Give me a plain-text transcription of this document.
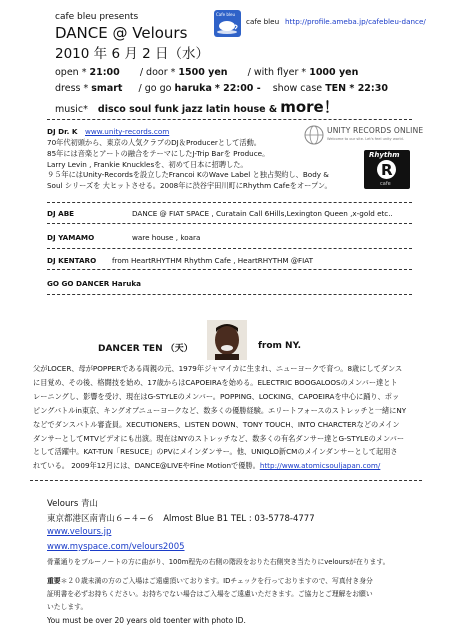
cafe bleu presents	Cafe bleu
cafe bleu http://profile.ameba.jp/cafebleu-dance/
DANCE @ Velours
2010 年 6 月 2 日（水）
open * 21:00 / door * 1500 yen / with flyer * 1000 yen
dress * smart / go go haruka * 22:00 - show case TEN * 22:30
music* disco soul funk jazz latin house & more！
DJ Dr. K www.unity-records.com
70年代初頭から、東京の人気クラブのDJ＆Producerとして活動。
85年には音楽とアートの融合をテーマにしたJ-Trip Barを Produce。
Larry Levin , Frankie Knucklesを、初めて日本に招聘した。
９５年にはUnity-Recordsを設立したFrancoi KのWave Label と独占契約し、Body &
Soul シリーズを 大ヒットさせる。2008年に渋谷宇田川町にRhythm Cafeをオープン。
UNITY RECORDS ONLINE
Welcome to our site. Let's feel unity world.
Rhythm
R
cafe
DJ ABE	DANCE @ FIAT SPACE , Curatain Call 6Hills,Lexington Queen ,x-gold etc..
DJ YAMAMO	ware house , koara
DJ KENTARO from HeartRHYTHM Rhythm Cafe , HeartRHYTHM @FIAT
GO GO DANCER Haruka
DANCER TEN （天）	from NY.
父がLOCER、母がPOPPERである両親の元、1979年ジャマイカに生まれ、ニューヨークで育つ。8歳にしてダンス
に目覚め、その後、格闘技を始め、17歳からはCAPOEIRAを始める。ELECTRIC BOOGALOOSのメンバー達とト
レーニングし、影響を受け、現在はG-STYLEのメンバー。POPPING、LOCKING、CAPOEIRAを中心に踊り、ポッ
ピングバトルin東京、キングオブニューヨークなど、数多くの優勝経験。エリートフォースのストレッチと一緒にNY
などでダンスバトル審査員。XECUTIONERS、LISTEN DOWN、TONY TOUCH、INTO CHARCTERなどのメイン
ダンサーとしてMTVビデオにも出演。現在はNYのストレッチなど、数多くの有名ダンサー達とG-STYLEのメンバー
として活躍中。KAT-TUN「RESUCE」のPVにメインダンサー。他、UNIQLO新CMのメインダンサーとして起用さ
れている。 2009年12月には、DANCE@LIVEやFine Motionで優勝。http://www.atomicsouljapan.com/
Velours 青山
東京都港区南青山６−４−６　Almost Blue B1 TEL : 03-5778-4777
www.velours.jp
www.myspace.com/velours2005
骨董通りをブルーノートの方に曲がり、100m程先の右側の階段をおりた右側突き当たりにveloursが在ります。
重要＊２０歳未満の方のご入場はご遠慮頂いております。IDチェックを行っておりますので、写真付き身分
証明書を必ずお持ちください。お持ちでない場合はご入場をご遠慮いただきます。ご協力とご理解をお願い
いたします。
You must be over 20 years old toenter with photo ID.
